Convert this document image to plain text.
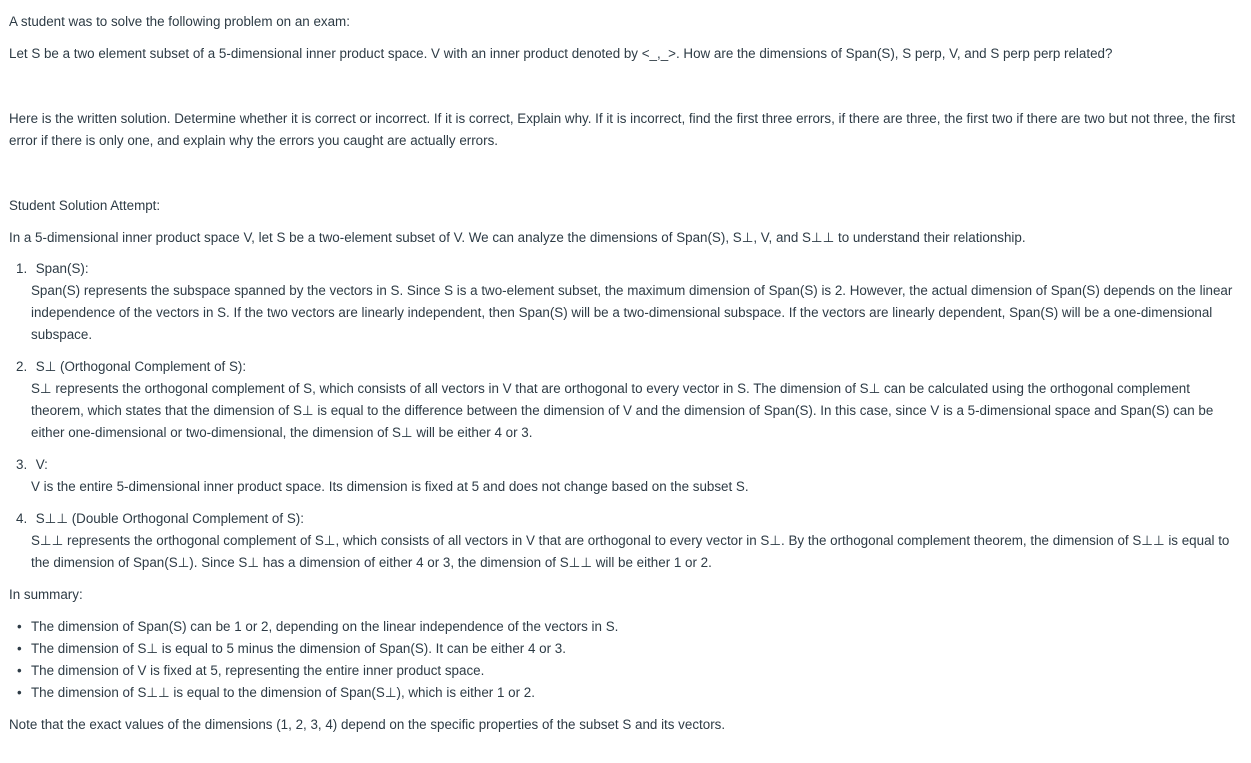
A student was to solve the following problem on an exam:

Let S be a two element subset of a 5-dimensional inner product space. V with an inner product denoted by <_,_>. How are the dimensions of Span(S), S perp, V, and S perp perp related?

Here is the written solution. Determine whether it is correct or incorrect. If it is correct, Explain why. If it is incorrect, find the first three errors, if there are three, the first two if there are two but not three, the first error if there is only one, and explain why the errors you caught are actually errors.

Student Solution Attempt:

In a 5-dimensional inner product space V, let S be a two-element subset of V. We can analyze the dimensions of Span(S), S⊥, V, and S⊥⊥ to understand their relationship.

1. Span(S):
Span(S) represents the subspace spanned by the vectors in S. Since S is a two-element subset, the maximum dimension of Span(S) is 2. However, the actual dimension of Span(S) depends on the linear independence of the vectors in S. If the two vectors are linearly independent, then Span(S) will be a two-dimensional subspace. If the vectors are linearly dependent, Span(S) will be a one-dimensional subspace.
2. S⊥ (Orthogonal Complement of S):
S⊥ represents the orthogonal complement of S, which consists of all vectors in V that are orthogonal to every vector in S. The dimension of S⊥ can be calculated using the orthogonal complement theorem, which states that the dimension of S⊥ is equal to the difference between the dimension of V and the dimension of Span(S). In this case, since V is a 5-dimensional space and Span(S) can be either one-dimensional or two-dimensional, the dimension of S⊥ will be either 4 or 3.
3. V:
V is the entire 5-dimensional inner product space. Its dimension is fixed at 5 and does not change based on the subset S.
4. S⊥⊥ (Double Orthogonal Complement of S):
S⊥⊥ represents the orthogonal complement of S⊥, which consists of all vectors in V that are orthogonal to every vector in S⊥. By the orthogonal complement theorem, the dimension of S⊥⊥ is equal to the dimension of Span(S⊥). Since S⊥ has a dimension of either 4 or 3, the dimension of S⊥⊥ will be either 1 or 2.

In summary:

• The dimension of Span(S) can be 1 or 2, depending on the linear independence of the vectors in S.
• The dimension of S⊥ is equal to 5 minus the dimension of Span(S). It can be either 4 or 3.
• The dimension of V is fixed at 5, representing the entire inner product space.
• The dimension of S⊥⊥ is equal to the dimension of Span(S⊥), which is either 1 or 2.

Note that the exact values of the dimensions (1, 2, 3, 4) depend on the specific properties of the subset S and its vectors.
